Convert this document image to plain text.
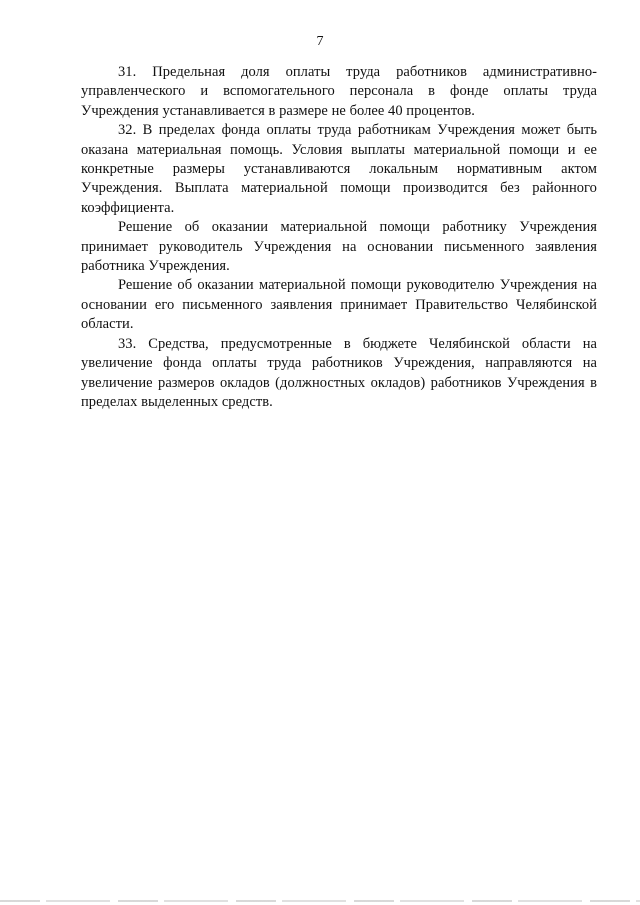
7

31. Предельная доля оплаты труда работников административно-управленческого и вспомогательного персонала в фонде оплаты труда Учреждения устанавливается в размере не более 40 процентов.

32. В пределах фонда оплаты труда работникам Учреждения может быть оказана материальная помощь. Условия выплаты материальной помощи и ее конкретные размеры устанавливаются локальным нормативным актом Учреждения. Выплата материальной помощи производится без районного коэффициента.

Решение об оказании материальной помощи работнику Учреждения принимает руководитель Учреждения на основании письменного заявления работника Учреждения.

Решение об оказании материальной помощи руководителю Учреждения на основании его письменного заявления принимает Правительство Челябинской области.

33. Средства, предусмотренные в бюджете Челябинской области на увеличение фонда оплаты труда работников Учреждения, направляются на увеличение размеров окладов (должностных окладов) работников Учреждения в пределах выделенных средств.
